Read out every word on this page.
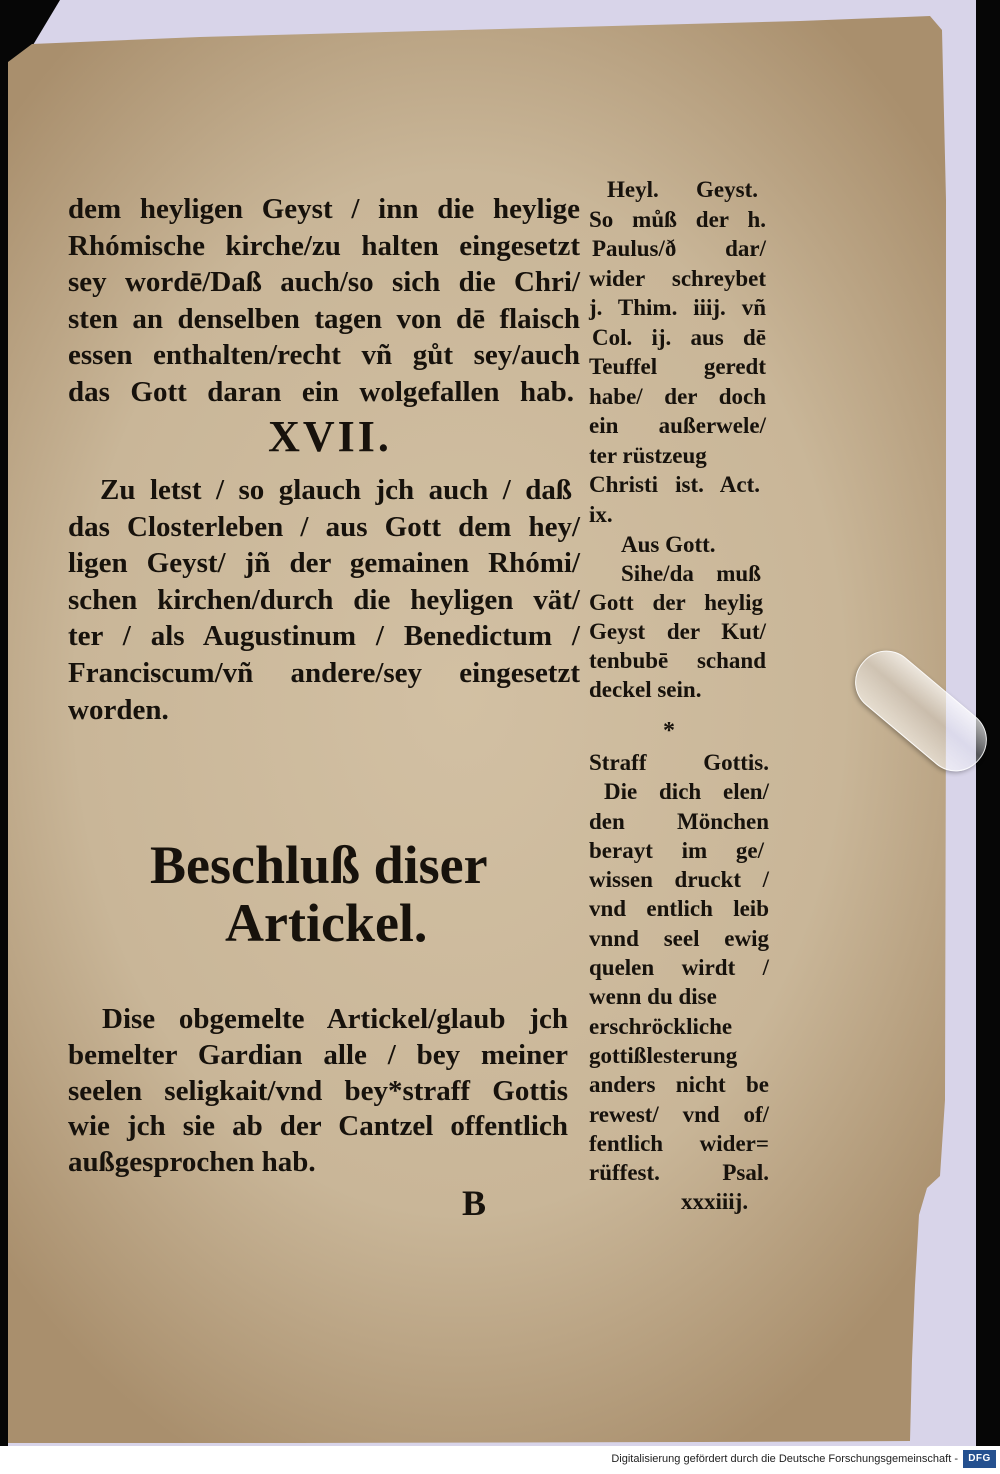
dem heyligen Geyst / inn die heylige
Rhómische kirche/zu halten eingesetzt
sey wordē/Daß auch/so sich die Chri/
sten an denselben tagen von dē flaisch
essen enthalten/recht vñ gůt sey/auch
das Gott daran ein wolgefallen hab.
XVII.
Zu letst / so glauch jch auch / daß
das Closterleben / aus Gott dem hey/
ligen Geyst/ jñ der gemainen Rhómi/
schen kirchen/durch die heyligen vät/
ter / als Augustinum / Benedictum /
Franciscum/vñ andere/sey eingesetzt
worden.
Beschluß diser
Artickel.
Dise obgemelte Artickel/glaub jch
bemelter Gardian alle / bey meiner
seelen seligkait/vnd bey*straff Gottis
wie jch sie ab der Cantzel offentlich
außgesprochen hab.
B
Heyl. Geyst.
So můß der h.
Paulus/ð dar/
wider schreybet
j. Thim. iiij. vñ
Col. ij. aus dē
Teuffel geredt
habe/ der doch
ein außerwele/
ter rüstzeug
Christi ist. Act.
ix.
Aus Gott.
Sihe/da muß
Gott der heylig
Geyst der Kut/
tenbubē schand
deckel sein.
*
Straff Gottis.
Die dich elen/
den Mönchen
berayt im ge/
wissen druckt /
vnd entlich leib
vnnd seel ewig
quelen wirdt /
wenn du dise
erschröckliche
gottißlesterung
anders nicht be
rewest/ vnd of/
fentlich wider=
rüffest. Psal.
xxxiiij.
Digitalisierung gefördert durch die Deutsche Forschungsgemeinschaft -	DFG
